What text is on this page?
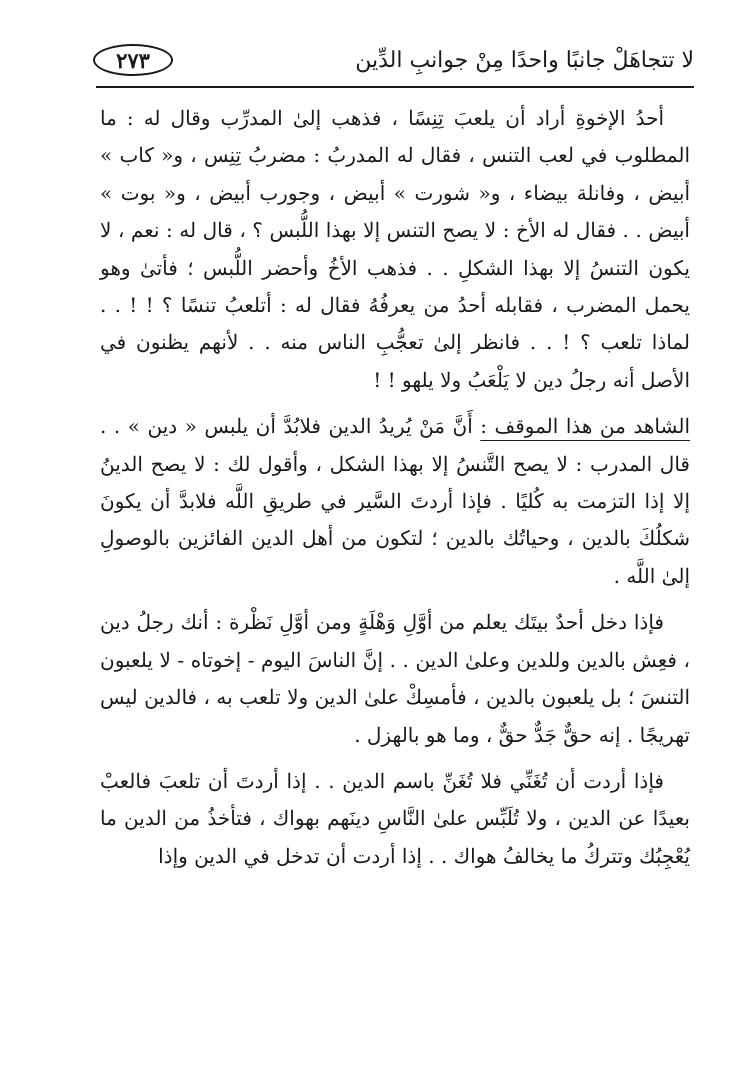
لا تتجاهَلْ جانبًا واحدًا مِنْ جوانبِ الدِّين
٢٧٣

أحدُ الإخوةِ أراد أن يلعبَ تِنِسًا ، فذهب إلىٰ المدرِّب وقال له : ما المطلوب في لعب التنس ، فقال له المدربُ : مضربُ تِنِس ، و« كاب » أبيض ، وفانلة بيضاء ، و« شورت » أبيض ، وجورب أبيض ، و« بوت » أبيض . . فقال له الأخ : لا يصح التنس إلا بهذا اللُّبس ؟ ، قال له : نعم ، لا يكون التنسُ إلا بهذا الشكلِ . . فذهب الأخُ وأحضر اللُّبس ؛ فأتىٰ وهو يحمل المضرب ، فقابله أحدُ من يعرفُهُ فقال له : أتلعبُ تنسًا ؟ ! ! . . لماذا تلعب ؟ ! . . فانظر إلىٰ تعجُّبِ الناس منه . . لأنهم يظنون في الأصل أنه رجلُ دين لا يَلْعَبُ ولا يلهو ! !

الشاهد من هذا الموقف : أَنَّ مَنْ يُريدُ الدين فلابُدَّ أن يلبس « دين » . . قال المدرب : لا يصح التَّنسُ إلا بهذا الشكل ، وأقول لك : لا يصح الدينُ إلا إذا التزمت به كُليًا . فإذا أردتَ السَّير في طريقِ اللَّه فلابدَّ أن يكونَ شكلُكَ بالدين ، وحياتُك بالدين ؛ لتكون من أهل الدين الفائزين بالوصولِ إلىٰ اللَّه .

فإذا دخل أحدٌ بيتَك يعلم من أوَّلِ وَهْلَةٍ ومن أوَّلِ نَظْرة : أنك رجلُ دين ، فعِش بالدين وللدين وعلىٰ الدين . . إنَّ الناسَ اليوم - إخوتاه - لا يلعبون التنسَ ؛ بل يلعبون بالدين ، فأمسِكْ علىٰ الدين ولا تلعب به ، فالدين ليس تهريجًا . إنه حقٌّ جَدٌّ حقٌّ ، وما هو بالهزل .

فإذا أردت أن تُغَنِّي فلا تُغَنِّ باسم الدين . . إذا أردتَ أن تلعبَ فالعبْ بعيدًا عن الدين ، ولا تُلَبِّس علىٰ النَّاسِ دينَهم بهواك ، فتأخذُ من الدين ما يُعْجِبُك وتتركُ ما يخالفُ هواك . . إذا أردت أن تدخل في الدين وإذا
